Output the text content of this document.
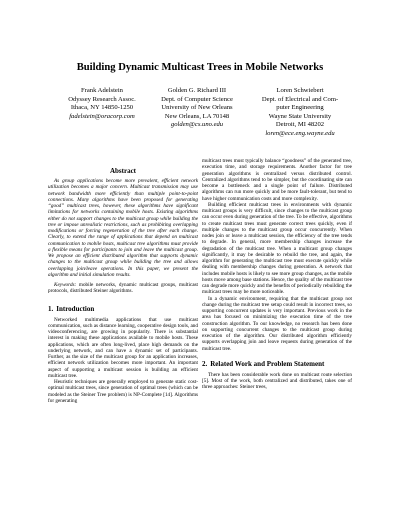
Building Dynamic Multicast Trees in Mobile Networks
Frank Adelstein
Odyssey Research Assoc.
Ithaca, NY 14850-1250
fadelstein@oracorp.com
Golden G. Richard III
Dept. of Computer Science
University of New Orleans
New Orleans, LA 70148
golden@cs.uno.edu
Loren Schwiebert
Dept. of Electrical and Com-
puter Engineering
Wayne State University
Detroit, MI 48202
loren@ece.eng.wayne.edu
Abstract

As group applications become more prevalent, efficient network utilization becomes a major concern. Multicast transmission may use network bandwidth more efficiently than multiple point-to-point connections. Many algorithms have been proposed for generating “good” multicast trees, however, these algorithms have significant limitations for networks containing mobile hosts. Existing algorithms either do not support changes to the multicast group while building the tree or impose unrealistic restrictions, such as prohibiting overlapping modifications or forcing regeneration of the tree after each change. Clearly, to extend the range of applications that depend on multicast communication to mobile hosts, multicast tree algorithms must provide a flexible means for participants to join and leave the multicast group. We propose an efficient distributed algorithm that supports dynamic changes to the multicast group while building the tree and allows overlapping join/leave operations. In this paper, we present the algorithm and initial simulation results.

Keywords: mobile networks, dynamic multicast groups, multicast protocols, distributed Steiner algorithms.

1. Introduction

Networked multimedia applications that use multicast communication, such as distance learning, cooperative design tools, and videoconferencing, are growing in popularity. There is substantial interest in making these applications available to mobile hosts. These applications, which are often long-lived, place high demands on the underlying network, and can have a dynamic set of participants. Further, as the size of the multicast group for an application increases, efficient network utilization becomes more important. An important aspect of supporting a multicast session is building an efficient multicast tree.

Heuristic techniques are generally employed to generate static cost-optimal multicast trees, since generation of optimal trees (which can be modeled as the Steiner Tree problem) is NP-Complete [14]. Algorithms for generating

multicast trees must typically balance “goodness” of the generated tree, execution time, and storage requirements. Another factor for tree generation algorithms is centralized versus distributed control. Centralized algorithms tend to be simpler, but the coordinating site can become a bottleneck and a single point of failure. Distributed algorithms can run more quickly and be more fault-tolerant, but tend to have higher communication costs and more complexity.

Building efficient multicast trees in environments with dynamic multicast groups is very difficult, since changes to the multicast group can occur even during generation of the tree. To be effective, algorithms to create multicast trees must generate correct trees quickly, even if multiple changes to the multicast group occur concurrently. When nodes join or leave a multicast session, the efficiency of the tree tends to degrade. In general, more membership changes increase the degradation of the multicast tree. When a multicast group changes significantly, it may be desirable to rebuild the tree, and again, the algorithm for generating the multicast tree must execute quickly while dealing with membership changes during generation. A network that includes mobile hosts is likely to see more group changes, as the mobile hosts move among base stations. Hence, the quality of the multicast tree can degrade more quickly and the benefits of periodically rebuilding the multicast trees may be more noticeable.

In a dynamic environment, requiring that the multicast group not change during the multicast tree setup could result in incorrect trees, so supporting concurrent updates is very important. Previous work in the area has focused on minimizing the execution time of the tree construction algorithm. To our knowledge, no research has been done on supporting concurrent changes to the multicast group during execution of the algorithm. Our distributed algorithm efficiently supports overlapping join and leave requests during generation of the multicast tree.

2. Related Work and Problem Statement

There has been considerable work done on multicast route selection [5]. Most of the work, both centralized and distributed, takes one of three approaches: Steiner trees,
